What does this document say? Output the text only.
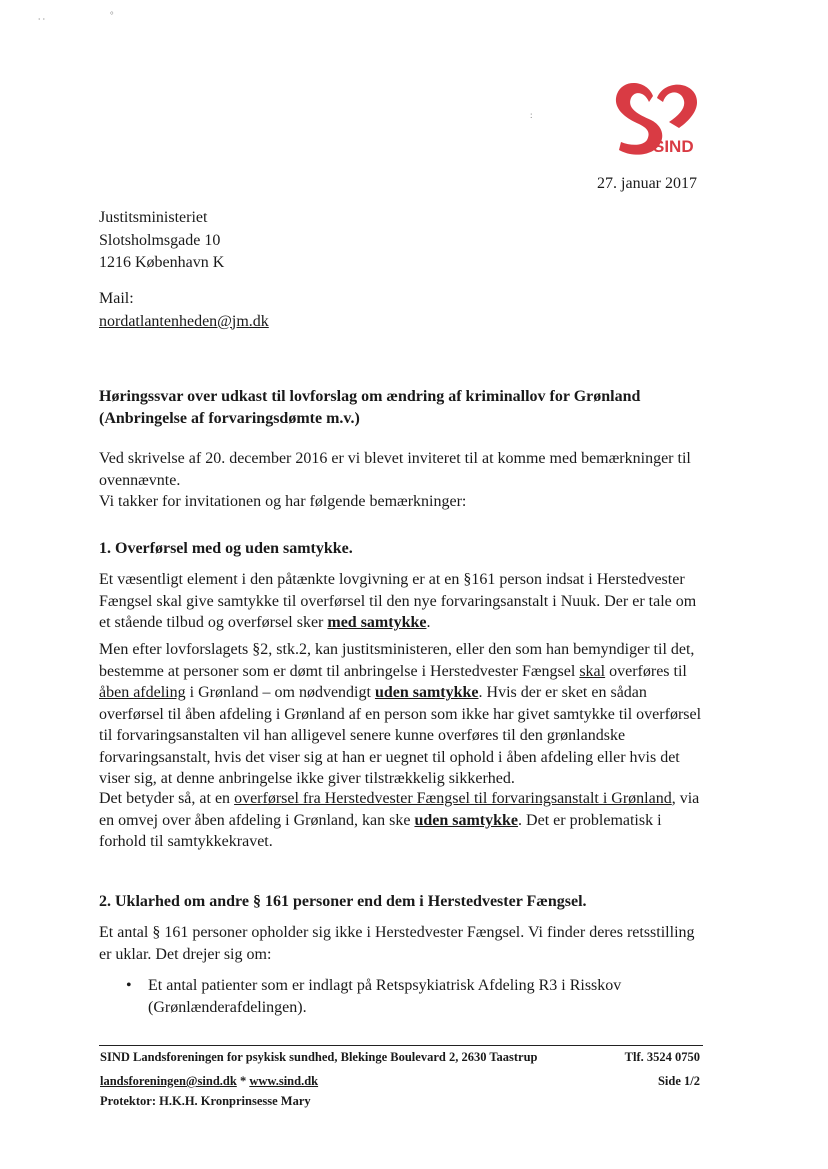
⸱ ⸱	°
:
SIND
27. januar 2017
Justitsministeriet
Slotsholmsgade 10
1216 København K
Mail:
nordatlantenheden@jm.dk
Høringssvar over udkast til lovforslag om ændring af kriminallov for Grønland
(Anbringelse af forvaringsdømte m.v.)
Ved skrivelse af 20. december 2016 er vi blevet inviteret til at komme med bemærkninger til
ovennævnte.
Vi takker for invitationen og har følgende bemærkninger:
1. Overførsel med og uden samtykke.
Et væsentligt element i den påtænkte lovgivning er at en §161 person indsat i Herstedvester Fængsel skal give samtykke til overførsel til den nye forvaringsanstalt i Nuuk. Der er tale om et stående tilbud og overførsel sker med samtykke.
Men efter lovforslagets §2, stk.2, kan justitsministeren, eller den som han bemyndiger til det, bestemme at personer som er dømt til anbringelse i Herstedvester Fængsel skal overføres til åben afdeling i Grønland – om nødvendigt uden samtykke. Hvis der er sket en sådan overførsel til åben afdeling i Grønland af en person som ikke har givet samtykke til overførsel til forvaringsanstalten vil han alligevel senere kunne overføres til den grønlandske forvaringsanstalt, hvis det viser sig at han er uegnet til ophold i åben afdeling eller hvis det viser sig, at denne anbringelse ikke giver tilstrækkelig sikkerhed.
Det betyder så, at en overførsel fra Herstedvester Fængsel til forvaringsanstalt i Grønland, via en omvej over åben afdeling i Grønland, kan ske uden samtykke. Det er problematisk i forhold til samtykkekravet.
2. Uklarhed om andre § 161 personer end dem i Herstedvester Fængsel.
Et antal § 161 personer opholder sig ikke i Herstedvester Fængsel. Vi finder deres retsstilling er uklar. Det drejer sig om:
• Et antal patienter som er indlagt på Retspsykiatrisk Afdeling R3 i Risskov (Grønlænderafdelingen).
SIND Landsforeningen for psykisk sundhed, Blekinge Boulevard 2, 2630 Taastrup	Tlf. 3524 0750
landsforeningen@sind.dk * www.sind.dk	Side 1/2
Protektor: H.K.H. Kronprinsesse Mary
